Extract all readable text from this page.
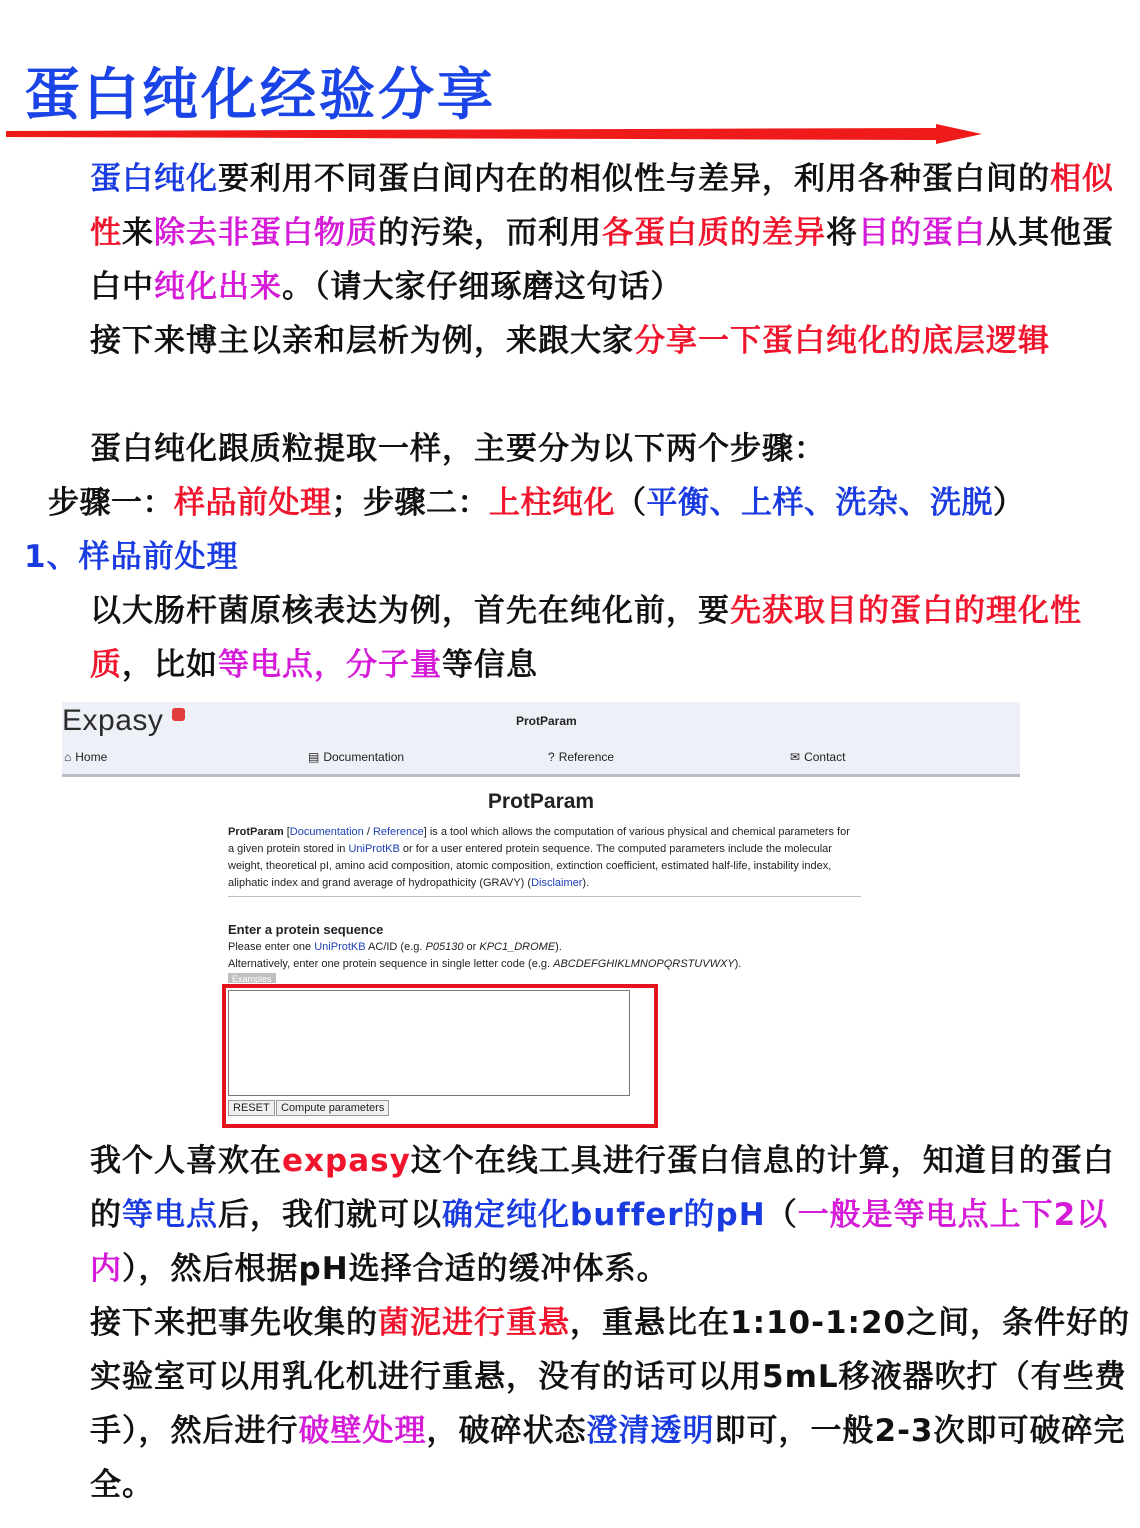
蛋白纯化经验分享

蛋白纯化要利用不同蛋白间内在的相似性与差异，利用各种蛋白间的相似性来除去非蛋白物质的污染，而利用各蛋白质的差异将目的蛋白从其他蛋白中纯化出来。（请大家仔细琢磨这句话）

接下来博主以亲和层析为例，来跟大家分享一下蛋白纯化的底层逻辑

蛋白纯化跟质粒提取一样，主要分为以下两个步骤：

步骤一：样品前处理；步骤二：上柱纯化（平衡、上样、洗杂、洗脱）

1、样品前处理

以大肠杆菌原核表达为例，首先在纯化前，要先获取目的蛋白的理化性质，比如等电点，分子量等信息

Expasy	ProtParam
⌂ Home	▤ Documentation	? Reference	✉ Contact
ProtParam

ProtParam [Documentation / Reference] is a tool which allows the computation of various physical and chemical parameters for a given protein stored in UniProtKB or for a user entered protein sequence. The computed parameters include the molecular weight, theoretical pI, amino acid composition, atomic composition, extinction coefficient, estimated half-life, instability index, aliphatic index and grand average of hydropathicity (GRAVY) (Disclaimer).

Enter a protein sequence
Please enter one UniProtKB AC/ID (e.g. P05130 or KPC1_DROME).
Alternatively, enter one protein sequence in single letter code (e.g. ABCDEFGHIKLMNOPQRSTUVWXY).
Examples
RESET	Compute parameters

我个人喜欢在expasy这个在线工具进行蛋白信息的计算，知道目的蛋白的等电点后，我们就可以确定纯化buffer的pH（一般是等电点上下2以内），然后根据pH选择合适的缓冲体系。

接下来把事先收集的菌泥进行重悬，重悬比在1:10-1:20之间，条件好的实验室可以用乳化机进行重悬，没有的话可以用5mL移液器吹打（有些费手），然后进行破壁处理，破碎状态澄清透明即可，一般2-3次即可破碎完全。
